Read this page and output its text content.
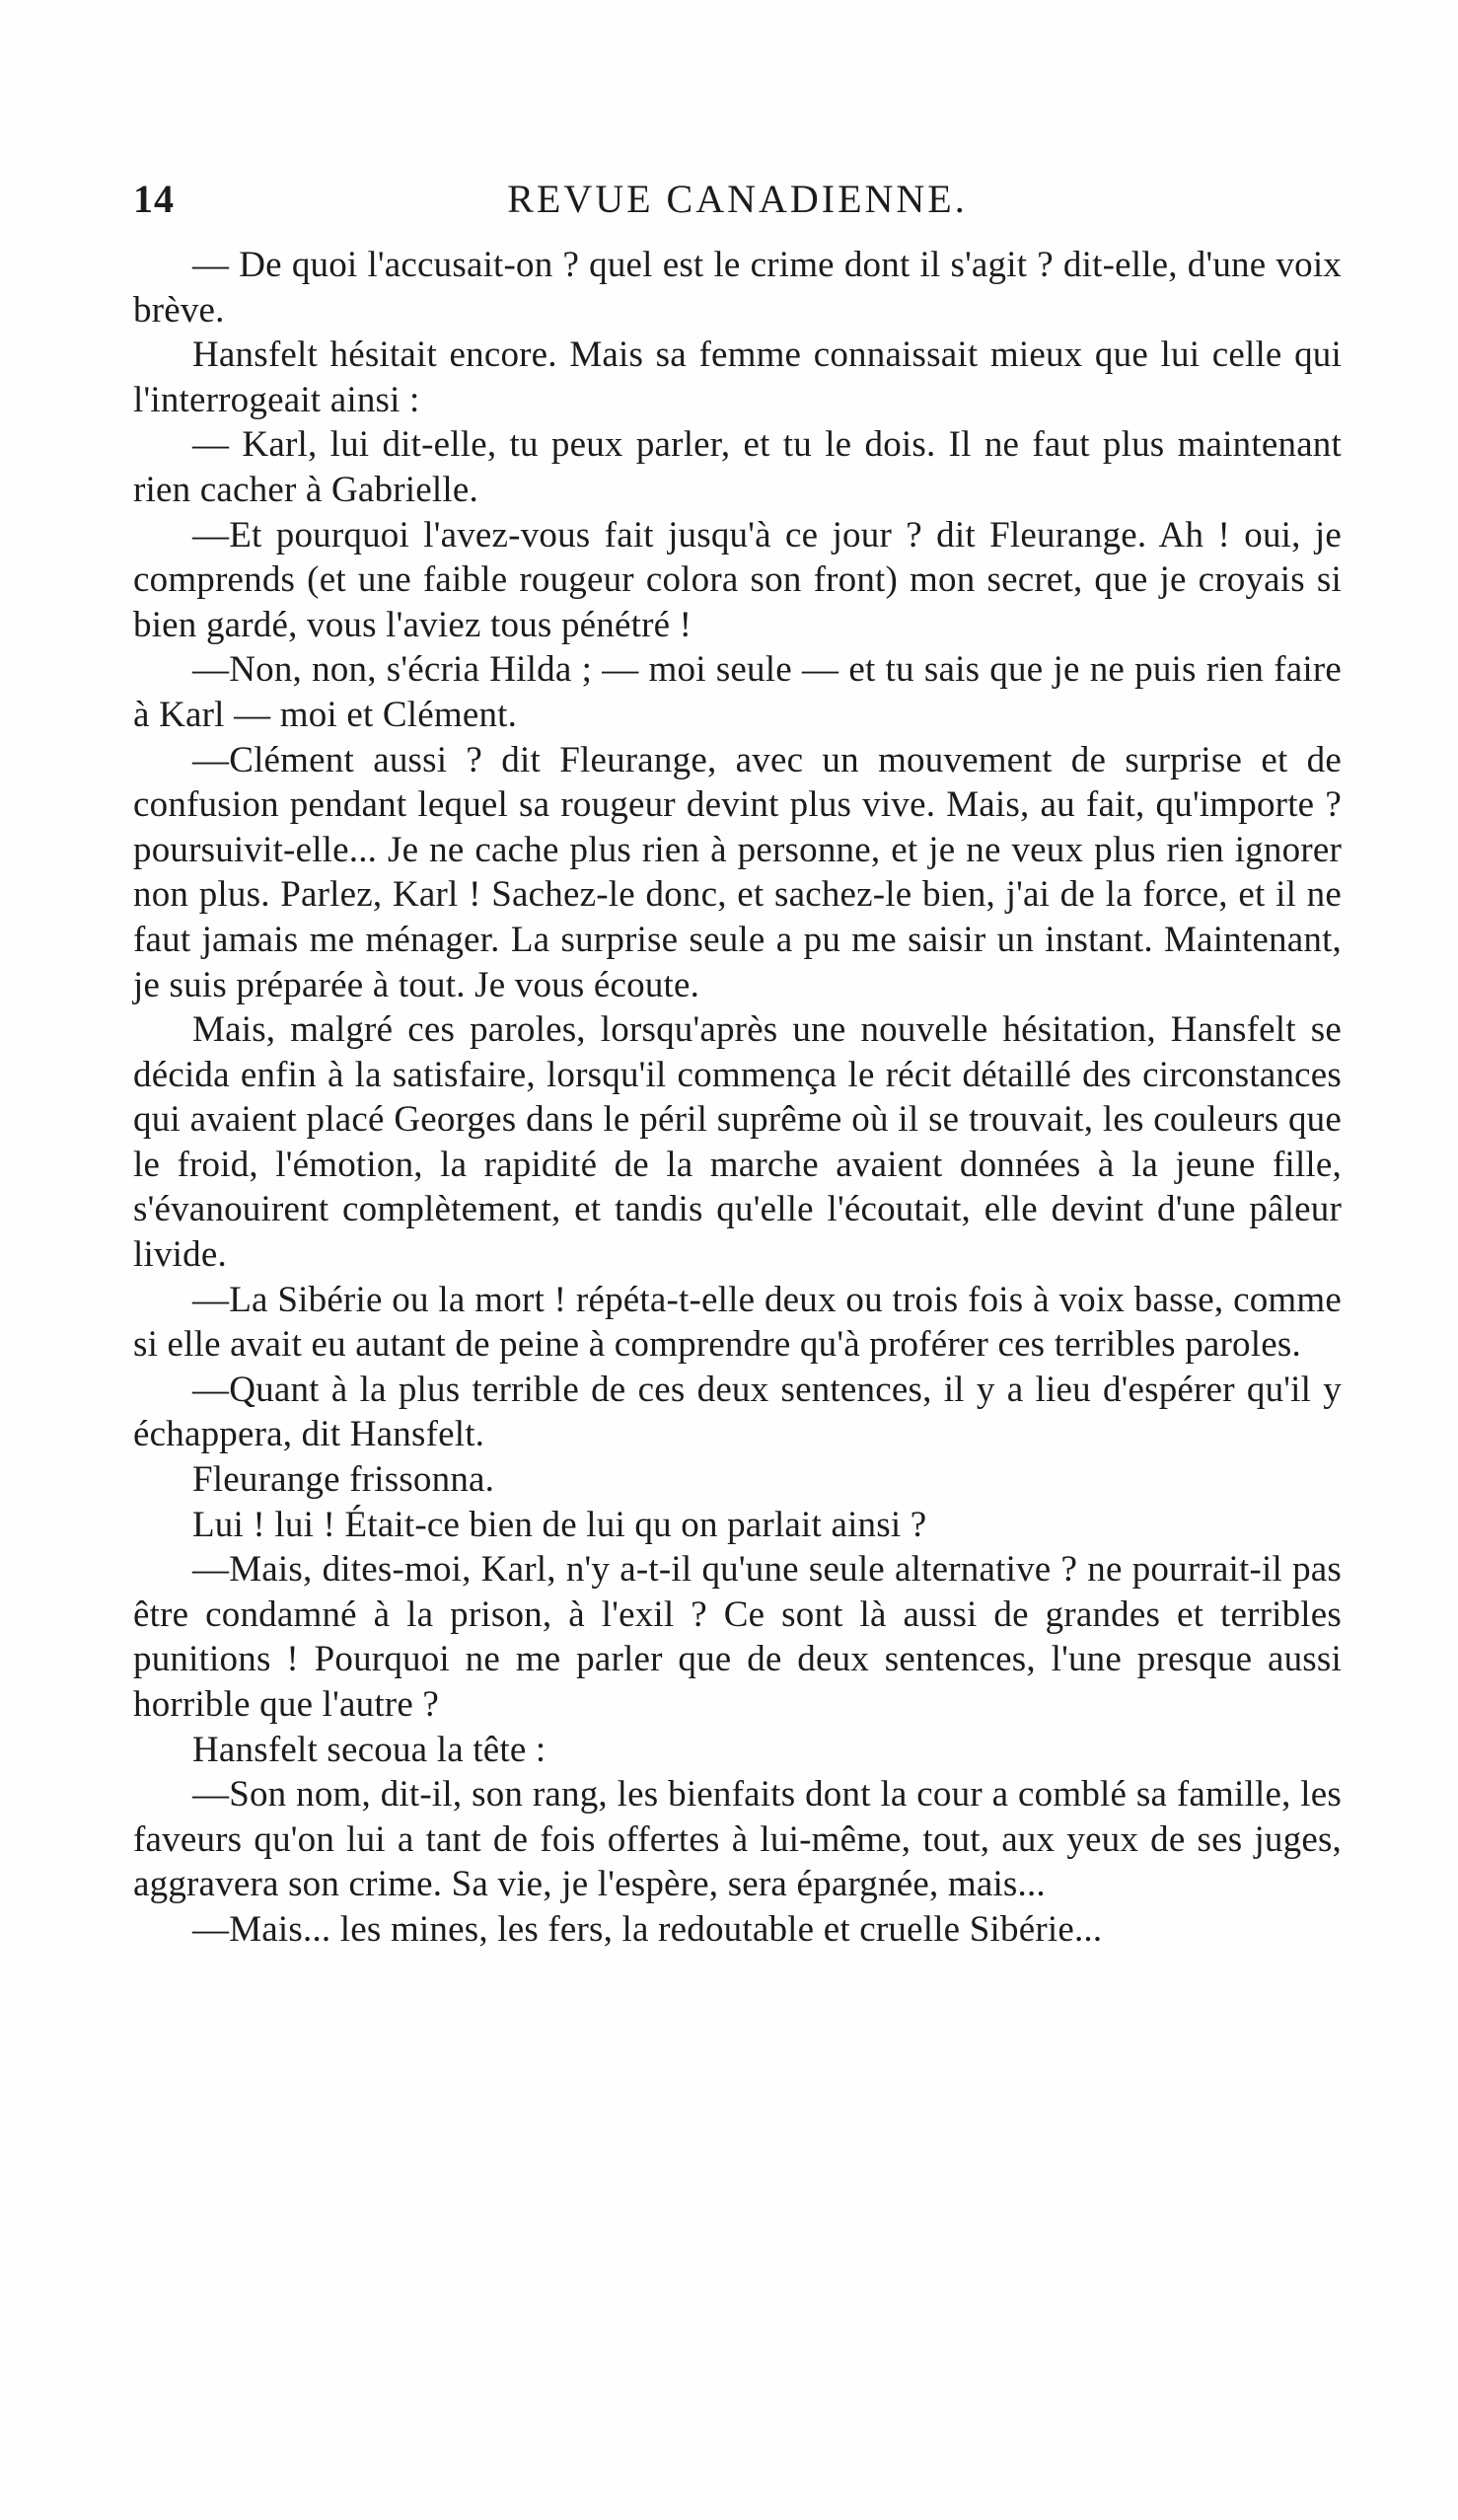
14	REVUE CANADIENNE.

— De quoi l'accusait-on ? quel est le crime dont il s'agit ? dit-elle, d'une voix brève.

Hansfelt hésitait encore. Mais sa femme connaissait mieux que lui celle qui l'interrogeait ainsi :

— Karl, lui dit-elle, tu peux parler, et tu le dois. Il ne faut plus maintenant rien cacher à Gabrielle.

—Et pourquoi l'avez-vous fait jusqu'à ce jour ? dit Fleurange. Ah ! oui, je comprends (et une faible rougeur colora son front) mon secret, que je croyais si bien gardé, vous l'aviez tous pénétré !

—Non, non, s'écria Hilda ; — moi seule — et tu sais que je ne puis rien faire à Karl — moi et Clément.

—Clément aussi ? dit Fleurange, avec un mouvement de surprise et de confusion pendant lequel sa rougeur devint plus vive. Mais, au fait, qu'importe ? poursuivit-elle... Je ne cache plus rien à personne, et je ne veux plus rien ignorer non plus. Parlez, Karl ! Sachez-le donc, et sachez-le bien, j'ai de la force, et il ne faut jamais me ménager. La surprise seule a pu me saisir un instant. Maintenant, je suis préparée à tout. Je vous écoute.

Mais, malgré ces paroles, lorsqu'après une nouvelle hésitation, Hansfelt se décida enfin à la satisfaire, lorsqu'il commença le récit détaillé des circonstances qui avaient placé Georges dans le péril suprême où il se trouvait, les couleurs que le froid, l'émotion, la rapidité de la marche avaient données à la jeune fille, s'évanouirent complètement, et tandis qu'elle l'écoutait, elle devint d'une pâleur livide.

—La Sibérie ou la mort ! répéta-t-elle deux ou trois fois à voix basse, comme si elle avait eu autant de peine à comprendre qu'à proférer ces terribles paroles.

—Quant à la plus terrible de ces deux sentences, il y a lieu d'espérer qu'il y échappera, dit Hansfelt.

Fleurange frissonna.

Lui ! lui ! Était-ce bien de lui qu on parlait ainsi ?

—Mais, dites-moi, Karl, n'y a-t-il qu'une seule alternative ? ne pourrait-il pas être condamné à la prison, à l'exil ? Ce sont là aussi de grandes et terribles punitions ! Pourquoi ne me parler que de deux sentences, l'une presque aussi horrible que l'autre ?

Hansfelt secoua la tête :

—Son nom, dit-il, son rang, les bienfaits dont la cour a comblé sa famille, les faveurs qu'on lui a tant de fois offertes à lui-même, tout, aux yeux de ses juges, aggravera son crime. Sa vie, je l'espère, sera épargnée, mais...

—Mais... les mines, les fers, la redoutable et cruelle Sibérie...
